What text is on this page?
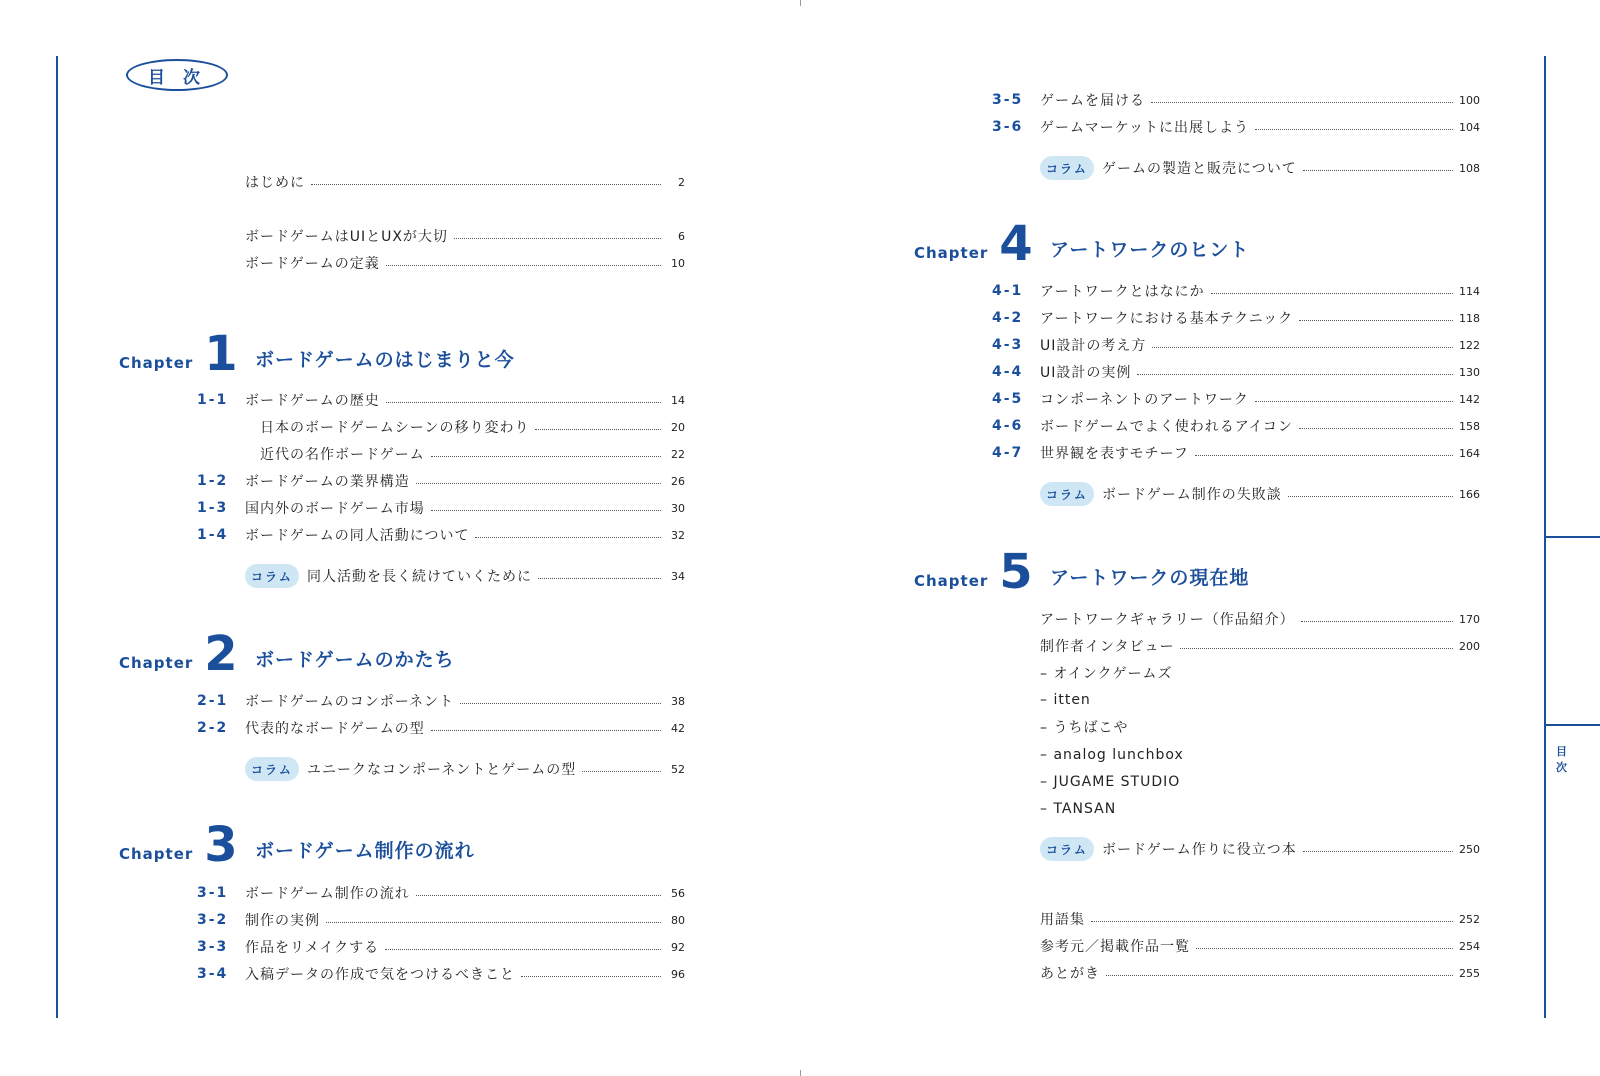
目 次
はじめに	2
ボードゲームはUIとUXが大切	6
ボードゲームの定義	10
Chapter 1 ボードゲームのはじまりと今
1-1	ボードゲームの歴史	14
日本のボードゲームシーンの移り変わり	20
近代の名作ボードゲーム	22
1-2	ボードゲームの業界構造	26
1-3	国内外のボードゲーム市場	30
1-4	ボードゲームの同人活動について	32
コラム	同人活動を長く続けていくために	34
Chapter 2 ボードゲームのかたち
2-1	ボードゲームのコンポーネント	38
2-2	代表的なボードゲームの型	42
コラム	ユニークなコンポーネントとゲームの型	52
Chapter 3 ボードゲーム制作の流れ
3-1	ボードゲーム制作の流れ	56
3-2	制作の実例	80
3-3	作品をリメイクする	92
3-4	入稿データの作成で気をつけるべきこと	96
目
次
3-5	ゲームを届ける	100
3-6	ゲームマーケットに出展しよう	104
コラム	ゲームの製造と販売について	108
Chapter 4 アートワークのヒント
4-1	アートワークとはなにか	114
4-2	アートワークにおける基本テクニック	118
4-3	UI設計の考え方	122
4-4	UI設計の実例	130
4-5	コンポーネントのアートワーク	142
4-6	ボードゲームでよく使われるアイコン	158
4-7	世界観を表すモチーフ	164
コラム	ボードゲーム制作の失敗談	166
Chapter 5 アートワークの現在地
アートワークギャラリー（作品紹介）	170
制作者インタビュー	200
– オインクゲームズ
– itten
– うちばこや
– analog lunchbox
– JUGAME STUDIO
– TANSAN
コラム	ボードゲーム作りに役立つ本	250
用語集	252
参考元／掲載作品一覧	254
あとがき	255
